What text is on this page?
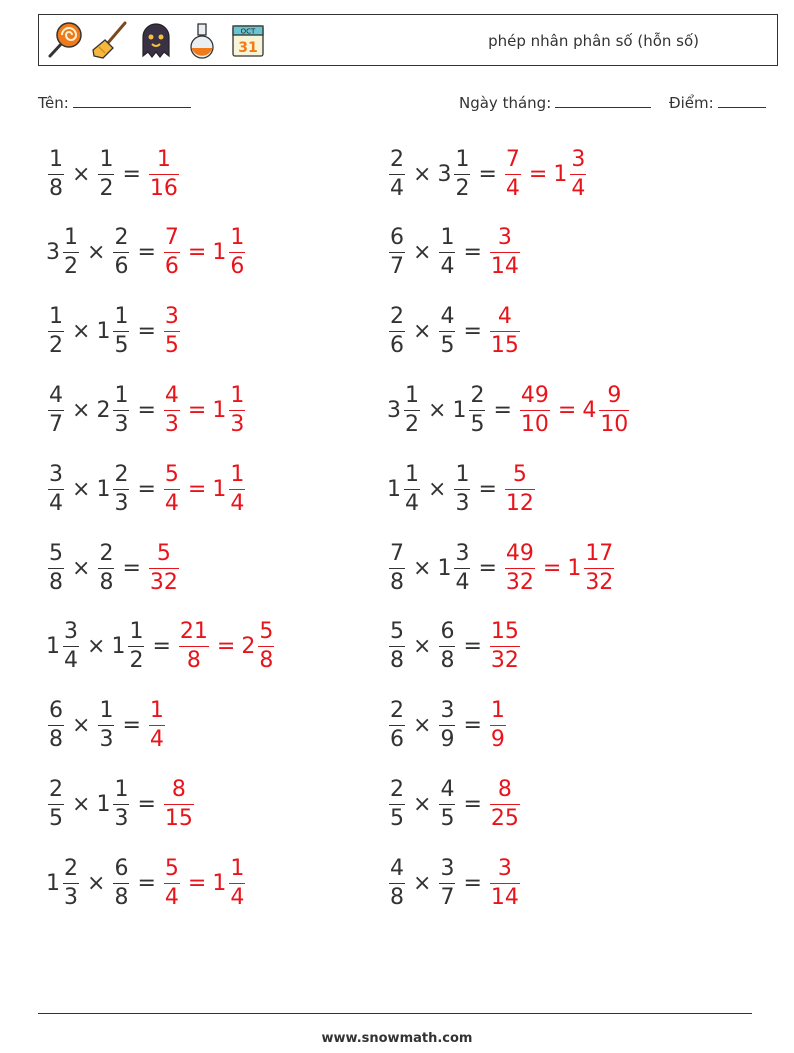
OCT
31	phép nhân phân số (hỗn số)
Tên:	Ngày tháng:	Điểm:
$\frac{1}{8} \times \frac{1}{2} = \frac{1}{16}$	$\frac{2}{4} \times 3 \frac{1}{2} = \frac{7}{4} = 1 \frac{3}{4}$
$3 \frac{1}{2} \times \frac{2}{6} = \frac{7}{6} = 1 \frac{1}{6}$	$\frac{6}{7} \times \frac{1}{4} = \frac{3}{14}$
$\frac{1}{2} \times 1 \frac{1}{5} = \frac{3}{5}$	$\frac{2}{6} \times \frac{4}{5} = \frac{4}{15}$
$\frac{4}{7} \times 2 \frac{1}{3} = \frac{4}{3} = 1 \frac{1}{3}$	$3 \frac{1}{2} \times 1 \frac{2}{5} = \frac{49}{10} = 4 \frac{9}{10}$
$\frac{3}{4} \times 1 \frac{2}{3} = \frac{5}{4} = 1 \frac{1}{4}$	$1 \frac{1}{4} \times \frac{1}{3} = \frac{5}{12}$
$\frac{5}{8} \times \frac{2}{8} = \frac{5}{32}$	$\frac{7}{8} \times 1 \frac{3}{4} = \frac{49}{32} = 1 \frac{17}{32}$
$1 \frac{3}{4} \times 1 \frac{1}{2} = \frac{21}{8} = 2 \frac{5}{8}$	$\frac{5}{8} \times \frac{6}{8} = \frac{15}{32}$
$\frac{6}{8} \times \frac{1}{3} = \frac{1}{4}$	$\frac{2}{6} \times \frac{3}{9} = \frac{1}{9}$
$\frac{2}{5} \times 1 \frac{1}{3} = \frac{8}{15}$	$\frac{2}{5} \times \frac{4}{5} = \frac{8}{25}$
$1 \frac{2}{3} \times \frac{6}{8} = \frac{5}{4} = 1 \frac{1}{4}$	$\frac{4}{8} \times \frac{3}{7} = \frac{3}{14}$
www.snowmath.com
